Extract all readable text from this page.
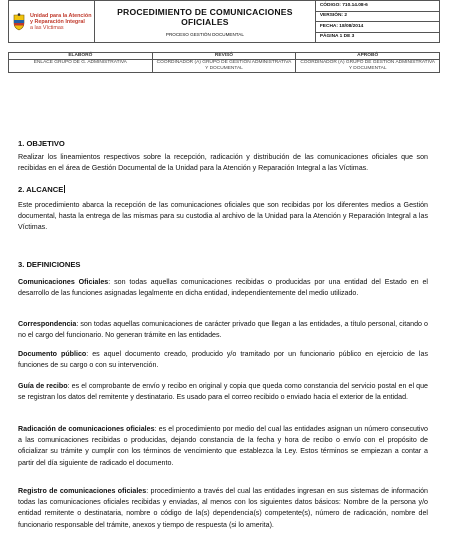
Unidad para la Atención
y Reparación Integral
a las Víctimas

PROCEDIMIENTO DE COMUNICACIONES OFICIALES
PROCESO GESTIÓN DOCUMENTAL

CÓDIGO: 710.14.08-6

VERSIÓN: 2

FECHA: 18/08/2014

PÁGINA 1 DE 3
ELABORÓ	REVISÓ	APROBÓ
ENLACE GRUPO DE G. ADMINISTRATIVA	COORDINADOR (A) GRUPO DE GESTIÓN ADMINISTRATIVA Y DOCUMENTAL	COORDINADOR (A) GRUPO DE GESTIÓN ADMINISTRATIVA Y DOCUMENTAL
1. OBJETIVO

Realizar los lineamientos respectivos sobre la recepción, radicación y distribución de las comunicaciones oficiales que son recibidas en el área de Gestión Documental de la Unidad para la Atención y Reparación Integral a las Víctimas.

2. ALCANCE

Este procedimiento abarca la recepción de las comunicaciones oficiales que son recibidas por los diferentes medios a Gestión documental, hasta la entrega de las mismas para su custodia al archivo de la Unidad para la Atención y Reparación Integral a las Víctimas.

3. DEFINICIONES

Comunicaciones Oficiales: son todas aquellas comunicaciones recibidas o producidas por una entidad del Estado en el desarrollo de las funciones asignadas legalmente en dicha entidad, independientemente del medio utilizado.

Correspondencia: son todas aquellas comunicaciones de carácter privado que llegan a las entidades, a título personal, citando o no el cargo del funcionario. No generan trámite en las entidades.

Documento público: es aquel documento creado, producido y/o tramitado por un funcionario público en ejercicio de las funciones de su cargo o con su intervención.

Guía de recibo: es el comprobante de envío y recibo en original y copia que queda como constancia del servicio postal en el que se registran los datos del remitente y destinatario. Es usado para el correo recibido o enviado hacia el exterior de la entidad.

Radicación de comunicaciones oficiales: es el procedimiento por medio del cual las entidades asignan un número consecutivo a las comunicaciones recibidas o producidas, dejando constancia de la fecha y hora de recibo o envío con el propósito de oficializar su trámite y cumplir con los términos de vencimiento que establezca la Ley. Estos términos se empiezan a contar a partir del día siguiente de radicado el documento.

Registro de comunicaciones oficiales: procedimiento a través del cual las entidades ingresan en sus sistemas de información todas las comunicaciones oficiales recibidas y enviadas, al menos con los siguientes datos básicos: Nombre de la persona y/o entidad remitente o destinataria, nombre o código de la(s) dependencia(s) competente(s), número de radicación, nombre del funcionario responsable del trámite, anexos y tiempo de respuesta (si lo amerita).
